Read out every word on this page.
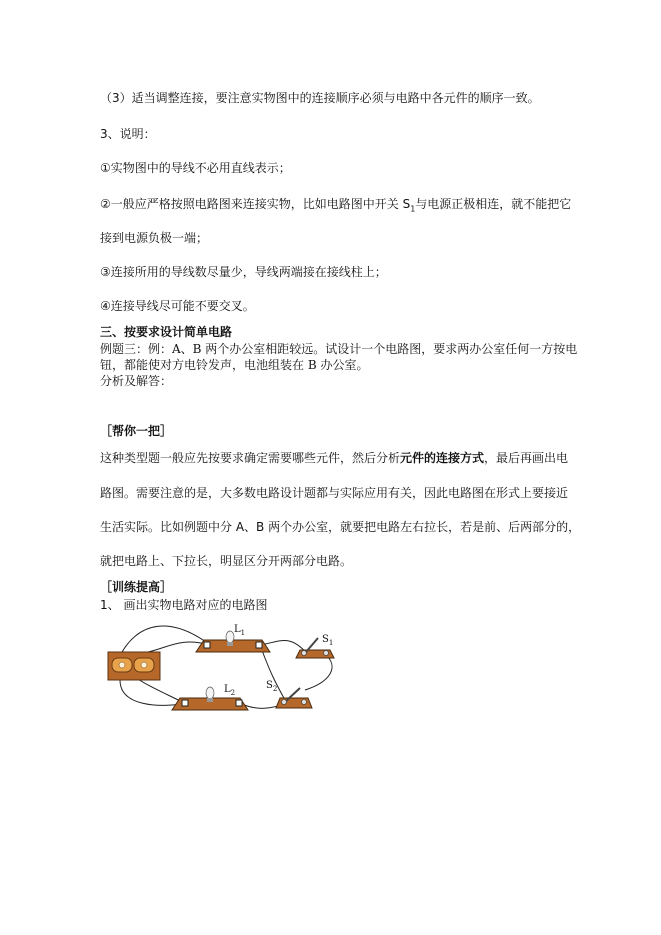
（3）适当调整连接，要注意实物图中的连接顺序必须与电路中各元件的顺序一致。
3、说明：
①实物图中的导线不必用直线表示；
②一般应严格按照电路图来连接实物，比如电路图中开关 $S_1$与电源正极相连，就不能把它
接到电源负极一端；
③连接所用的导线数尽量少，导线两端接在接线柱上；
④连接导线尽可能不要交叉。
三、按要求设计简单电路
例题三：例：A、B 两个办公室相距较远。试设计一个电路图，要求两办公室任何一方按电
钮，都能使对方电铃发声，电池组装在 B 办公室。
分析及解答：
［帮你一把］
这种类型题一般应先按要求确定需要哪些元件，然后分析元件的连接方式，最后再画出电
路图。需要注意的是，大多数电路设计题都与实际应用有关，因此电路图在形式上要接近
生活实际。比如例题中分 A、B 两个办公室，就要把电路左右拉长，若是前、后两部分的，
就把电路上、下拉长，明显区分开两部分电路。
［训练提高］
1、 画出实物电路对应的电路图
$L_1$
$L_2$
$S_1$
$S_2$
